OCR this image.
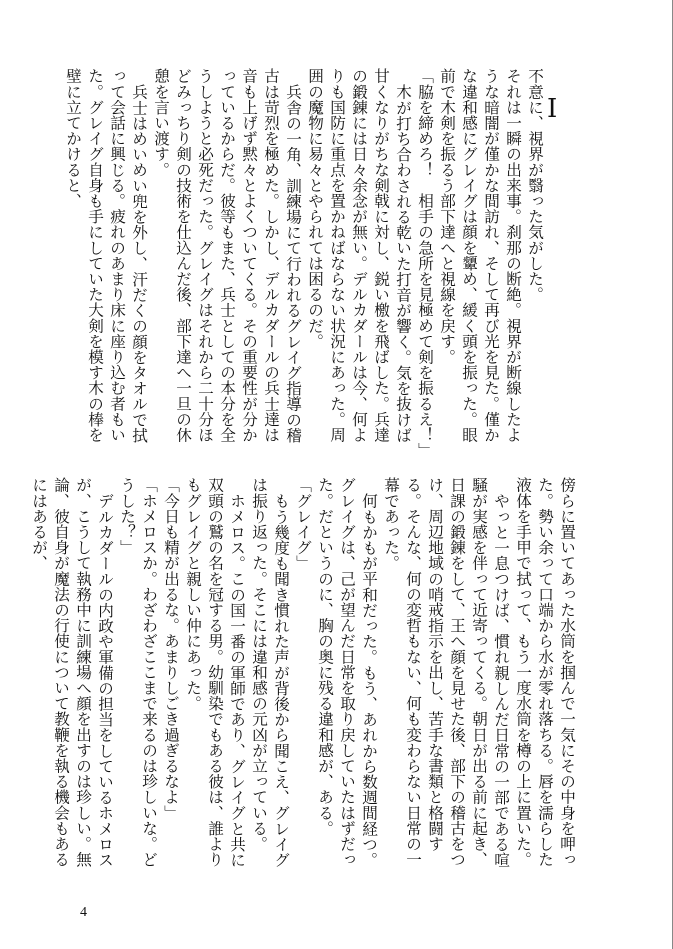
I

不意に、視界が翳った気がした。

それは一瞬の出来事。刹那の断絶。視界が断線したような暗闇が僅かな間訪れ、そして再び光を見た。僅かな違和感にグレイグは顔を顰め、緩く頭を振った。眼前で木剣を振るう部下達へと視線を戻す。

「脇を締めろ！　相手の急所を見極めて剣を振るえ！」

木が打ち合わされる乾いた打音が響く。気を抜けば甘くなりがちな剣戟に対し、鋭い檄を飛ばした。兵達の鍛錬には日々余念が無い。デルカダールは今、何よりも国防に重点を置かねばならない状況にあった。周囲の魔物に易々とやられては困るのだ。

兵舎の一角、訓練場にて行われるグレイグ指導の稽古は苛烈を極めた。しかし、デルカダールの兵士達は音も上げず黙々とよくついてくる。その重要性が分かっているからだ。彼等もまた、兵士としての本分を全うしようと必死だった。グレイグはそれから二十分ほどみっちり剣の技術を仕込んだ後、部下達へ一旦の休憩を言い渡す。

兵士はめいめい兜を外し、汗だくの顔をタオルで拭って会話に興じる。疲れのあまり床に座り込む者もいた。グレイグ自身も手にしていた大剣を模す木の棒を壁に立てかけると、

傍らに置いてあった水筒を掴んで一気にその中身を呷った。勢い余って口端から水が零れ落ちる。唇を濡らした液体を手甲で拭って、もう一度水筒を樽の上に置いた。

やっと一息つけば、慣れ親しんだ日常の一部である喧騒が実感を伴って近寄ってくる。朝日が出る前に起き、日課の鍛錬をして、王へ顔を見せた後、部下の稽古をつけ、周辺地域の哨戒指示を出し、苦手な書類と格闘する。そんな、何の変哲もない、何も変わらない日常の一幕であった。

何もかもが平和だった。もう、あれから数週間経つ。グレイグは、己が望んだ日常を取り戻していたはずだった。だというのに、胸の奥に残る違和感が、ある。

「グレイグ」

もう幾度も聞き慣れた声が背後から聞こえ、グレイグは振り返った。そこには違和感の元凶が立っている。

ホメロス。この国一番の軍師であり、グレイグと共に双頭の鷲の名を冠する男。幼馴染でもある彼は、誰よりもグレイグと親しい仲にあった。

「今日も精が出るな。あまりしごき過ぎるなよ」

「ホメロスか。わざわざここまで来るのは珍しいな。どうした？」

デルカダールの内政や軍備の担当をしているホメロスが、こうして執務中に訓練場へ顔を出すのは珍しい。無論、彼自身が魔法の行使について教鞭を執る機会もあるにはあるが、

4
